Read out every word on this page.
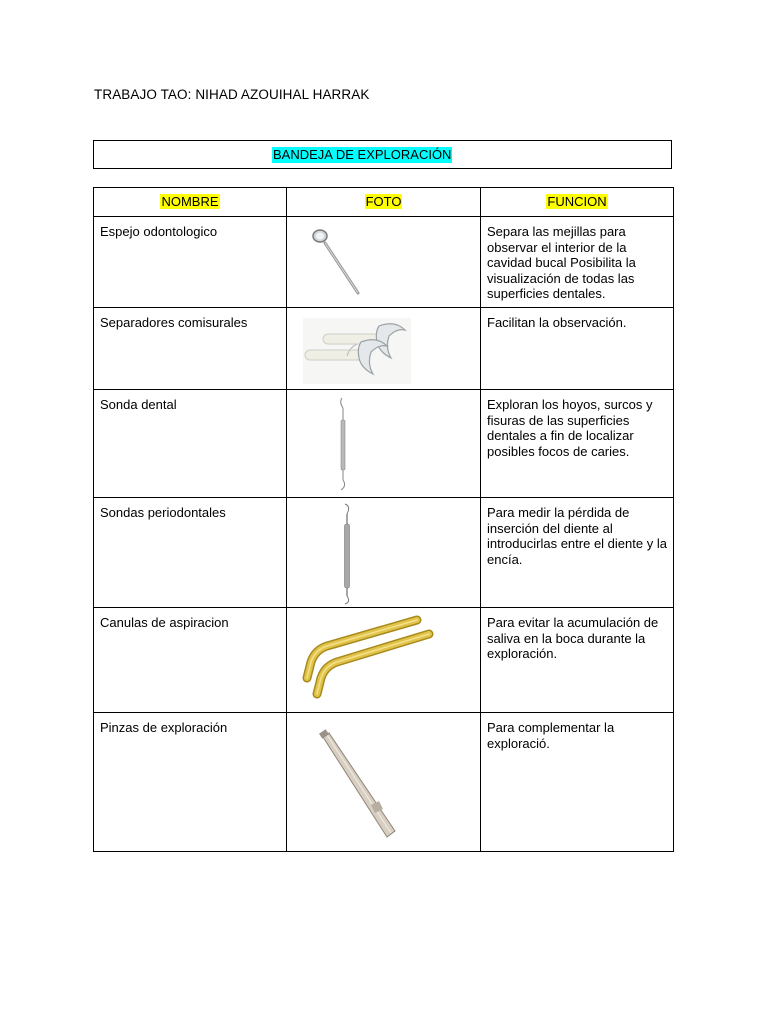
TRABAJO TAO: NIHAD AZOUIHAL HARRAK
BANDEJA DE EXPLORACIÓN
NOMBRE	FOTO	FUNCION

Espejo odontologico		Separa las mejillas para observar el interior de la cavidad bucal Posibilita la visualización de todas las superficies dentales.

Separadores comisurales		Facilitan la observación.

Sonda dental		Exploran los hoyos, surcos y fisuras de las superficies dentales a fin de localizar posibles focos de caries.

Sondas periodontales		Para medir la pérdida de inserción del diente al introducirlas entre el diente y la encía.

Canulas de aspiracion		Para evitar la acumulación de saliva en la boca durante la exploración.

Pinzas de exploración		Para complementar la exploració.
